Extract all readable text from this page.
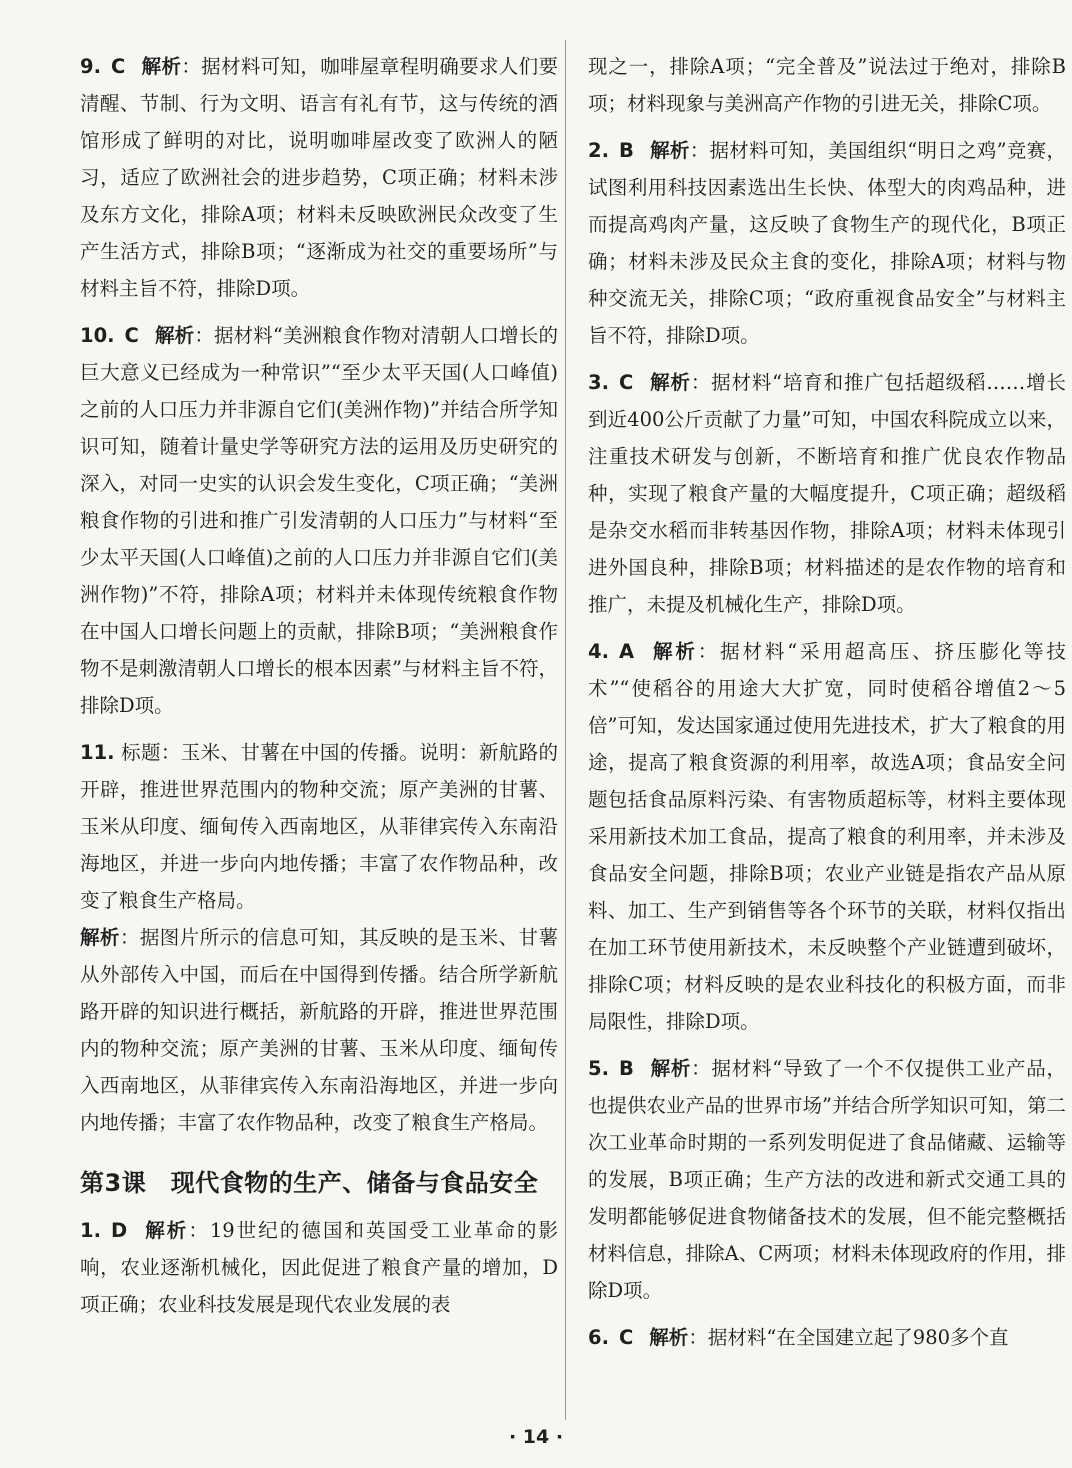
9. C 解析：据材料可知，咖啡屋章程明确要求人们要清醒、节制、行为文明、语言有礼有节，这与传统的酒馆形成了鲜明的对比，说明咖啡屋改变了欧洲人的陋习，适应了欧洲社会的进步趋势，C项正确；材料未涉及东方文化，排除A项；材料未反映欧洲民众改变了生产生活方式，排除B项；“逐渐成为社交的重要场所”与材料主旨不符，排除D项。

10. C 解析：据材料“美洲粮食作物对清朝人口增长的巨大意义已经成为一种常识”“至少太平天国(人口峰值)之前的人口压力并非源自它们(美洲作物)”并结合所学知识可知，随着计量史学等研究方法的运用及历史研究的深入，对同一史实的认识会发生变化，C项正确；“美洲粮食作物的引进和推广引发清朝的人口压力”与材料“至少太平天国(人口峰值)之前的人口压力并非源自它们(美洲作物)”不符，排除A项；材料并未体现传统粮食作物在中国人口增长问题上的贡献，排除B项；“美洲粮食作物不是刺激清朝人口增长的根本因素”与材料主旨不符，排除D项。

11. 标题：玉米、甘薯在中国的传播。说明：新航路的开辟，推进世界范围内的物种交流；原产美洲的甘薯、玉米从印度、缅甸传入西南地区，从菲律宾传入东南沿海地区，并进一步向内地传播；丰富了农作物品种，改变了粮食生产格局。

解析：据图片所示的信息可知，其反映的是玉米、甘薯从外部传入中国，而后在中国得到传播。结合所学新航路开辟的知识进行概括，新航路的开辟，推进世界范围内的物种交流；原产美洲的甘薯、玉米从印度、缅甸传入西南地区，从菲律宾传入东南沿海地区，并进一步向内地传播；丰富了农作物品种，改变了粮食生产格局。

第3课　现代食物的生产、储备与食品安全

1. D 解析：19世纪的德国和英国受工业革命的影响，农业逐渐机械化，因此促进了粮食产量的增加，D项正确；农业科技发展是现代农业发展的表

现之一，排除A项；“完全普及”说法过于绝对，排除B项；材料现象与美洲高产作物的引进无关，排除C项。

2. B 解析：据材料可知，美国组织“明日之鸡”竞赛，试图利用科技因素选出生长快、体型大的肉鸡品种，进而提高鸡肉产量，这反映了食物生产的现代化，B项正确；材料未涉及民众主食的变化，排除A项；材料与物种交流无关，排除C项；“政府重视食品安全”与材料主旨不符，排除D项。

3. C 解析：据材料“培育和推广包括超级稻……增长到近400公斤贡献了力量”可知，中国农科院成立以来，注重技术研发与创新，不断培育和推广优良农作物品种，实现了粮食产量的大幅度提升，C项正确；超级稻是杂交水稻而非转基因作物，排除A项；材料未体现引进外国良种，排除B项；材料描述的是农作物的培育和推广，未提及机械化生产，排除D项。

4. A 解析：据材料“采用超高压、挤压膨化等技术”“使稻谷的用途大大扩宽，同时使稻谷增值2～5倍”可知，发达国家通过使用先进技术，扩大了粮食的用途，提高了粮食资源的利用率，故选A项；食品安全问题包括食品原料污染、有害物质超标等，材料主要体现采用新技术加工食品，提高了粮食的利用率，并未涉及食品安全问题，排除B项；农业产业链是指农产品从原料、加工、生产到销售等各个环节的关联，材料仅指出在加工环节使用新技术，未反映整个产业链遭到破坏，排除C项；材料反映的是农业科技化的积极方面，而非局限性，排除D项。

5. B 解析：据材料“导致了一个不仅提供工业产品，也提供农业产品的世界市场”并结合所学知识可知，第二次工业革命时期的一系列发明促进了食品储藏、运输等的发展，B项正确；生产方法的改进和新式交通工具的发明都能够促进食物储备技术的发展，但不能完整概括材料信息，排除A、C两项；材料未体现政府的作用，排除D项。

6. C 解析：据材料“在全国建立起了980多个直

· 14 ·
